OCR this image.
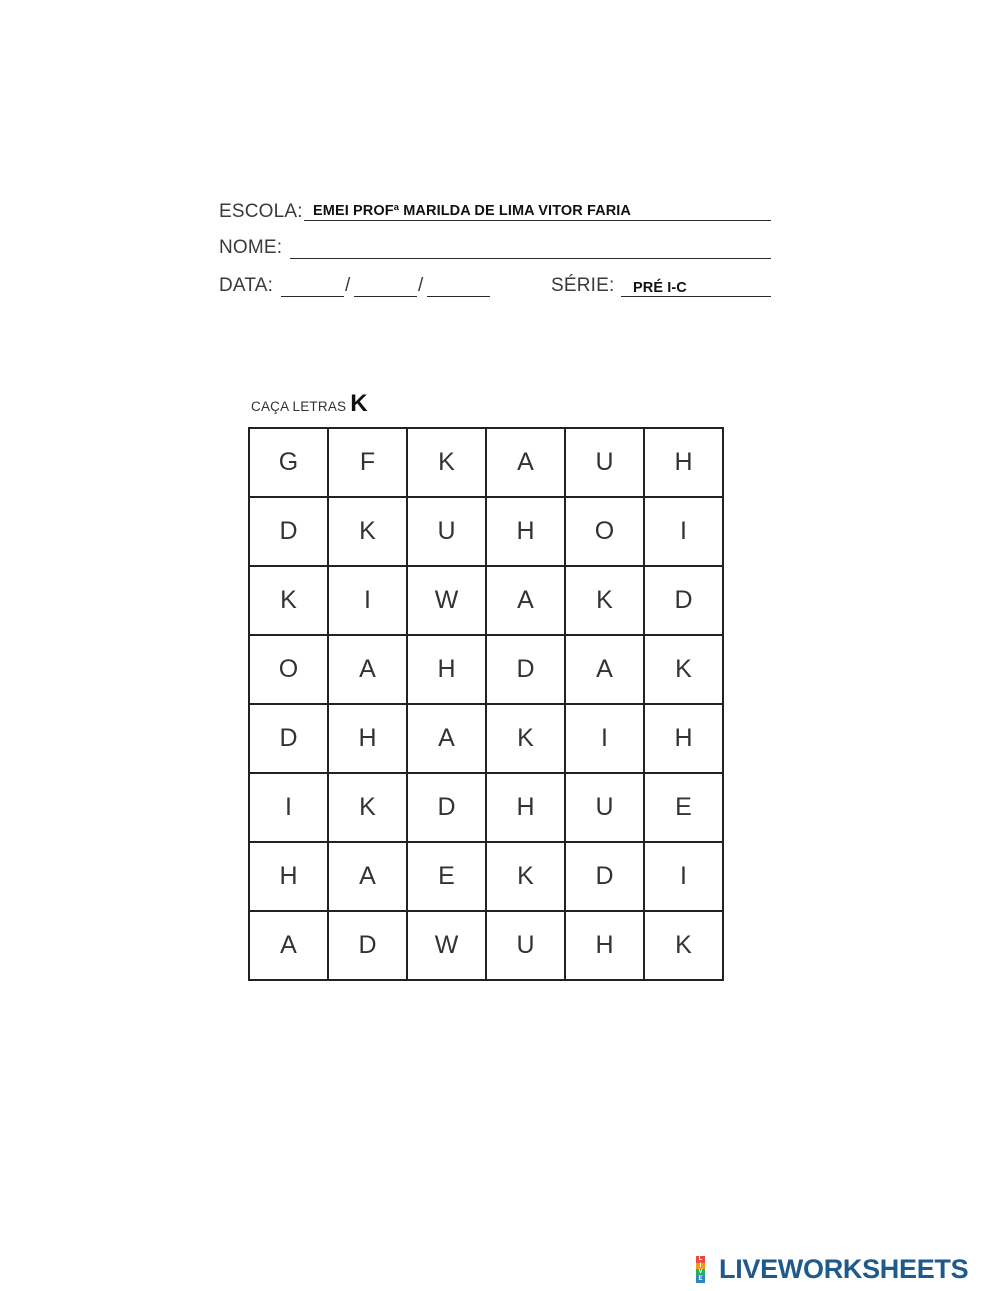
ESCOLA: EMEI PROFª MARILDA DE LIMA VITOR FARIA
NOME:
DATA:	/	/	SÉRIE: PRÉ I-C
CAÇA LETRAS K
G	F	K	A	U	H
D	K	U	H	O	I
K	I	W	A	K	D
O	A	H	D	A	K
D	H	A	K	I	H
I	K	D	H	U	E
H	A	E	K	D	I
A	D	W	U	H	K
L
I
V
E LIVEWORKSHEETS
